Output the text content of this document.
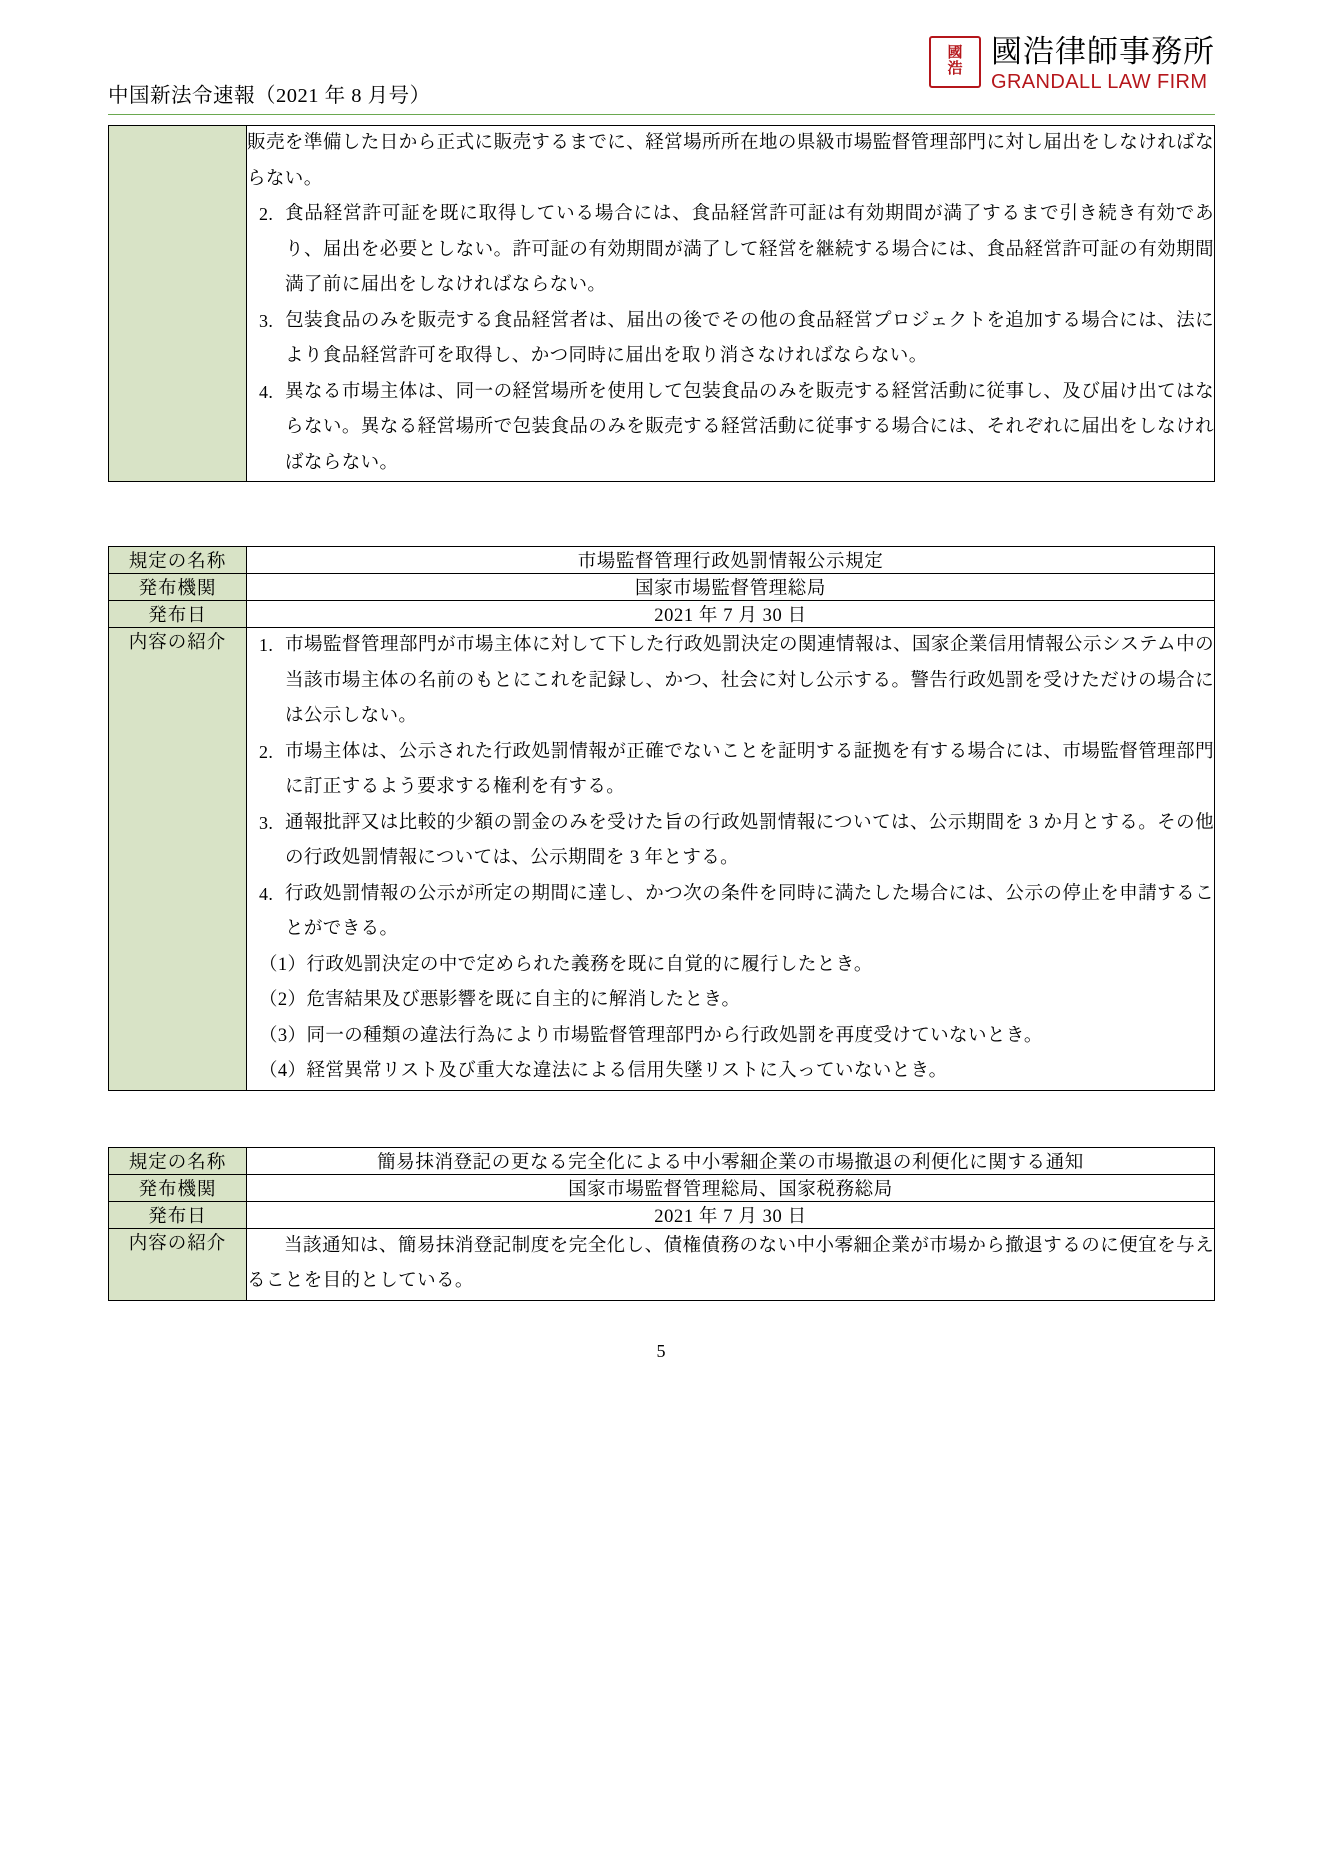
中国新法令速報（2021 年 8 月号）
國
浩 國浩律師事務所
GRANDALL LAW FIRM

販売を準備した日から正式に販売するまでに、経営場所所在地の県級市場監督管理部門に対し届出をしなければならない。
2. 食品経営許可証を既に取得している場合には、食品経営許可証は有効期間が満了するまで引き続き有効であり、届出を必要としない。許可証の有効期間が満了して経営を継続する場合には、食品経営許可証の有効期間満了前に届出をしなければならない。
3. 包装食品のみを販売する食品経営者は、届出の後でその他の食品経営プロジェクトを追加する場合には、法により食品経営許可を取得し、かつ同時に届出を取り消さなければならない。
4. 異なる市場主体は、同一の経営場所を使用して包装食品のみを販売する経営活動に従事し、及び届け出てはならない。異なる経営場所で包装食品のみを販売する経営活動に従事する場合には、それぞれに届出をしなければならない。
規定の名称	市場監督管理行政処罰情報公示規定
発布機関	国家市場監督管理総局
発布日	2021 年 7 月 30 日
内容の紹介	1. 市場監督管理部門が市場主体に対して下した行政処罰決定の関連情報は、国家企業信用情報公示システム中の当該市場主体の名前のもとにこれを記録し、かつ、社会に対し公示する。警告行政処罰を受けただけの場合には公示しない。
2. 市場主体は、公示された行政処罰情報が正確でないことを証明する証拠を有する場合には、市場監督管理部門に訂正するよう要求する権利を有する。
3. 通報批評又は比較的少額の罰金のみを受けた旨の行政処罰情報については、公示期間を 3 か月とする。その他の行政処罰情報については、公示期間を 3 年とする。
4. 行政処罰情報の公示が所定の期間に達し、かつ次の条件を同時に満たした場合には、公示の停止を申請することができる。
（1）行政処罰決定の中で定められた義務を既に自覚的に履行したとき。
（2）危害結果及び悪影響を既に自主的に解消したとき。
（3）同一の種類の違法行為により市場監督管理部門から行政処罰を再度受けていないとき。
（4）経営異常リスト及び重大な違法による信用失墜リストに入っていないとき。
規定の名称	簡易抹消登記の更なる完全化による中小零細企業の市場撤退の利便化に関する通知
発布機関	国家市場監督管理総局、国家税務総局
発布日	2021 年 7 月 30 日
内容の紹介	当該通知は、簡易抹消登記制度を完全化し、債権債務のない中小零細企業が市場から撤退するのに便宜を与えることを目的としている。
5
